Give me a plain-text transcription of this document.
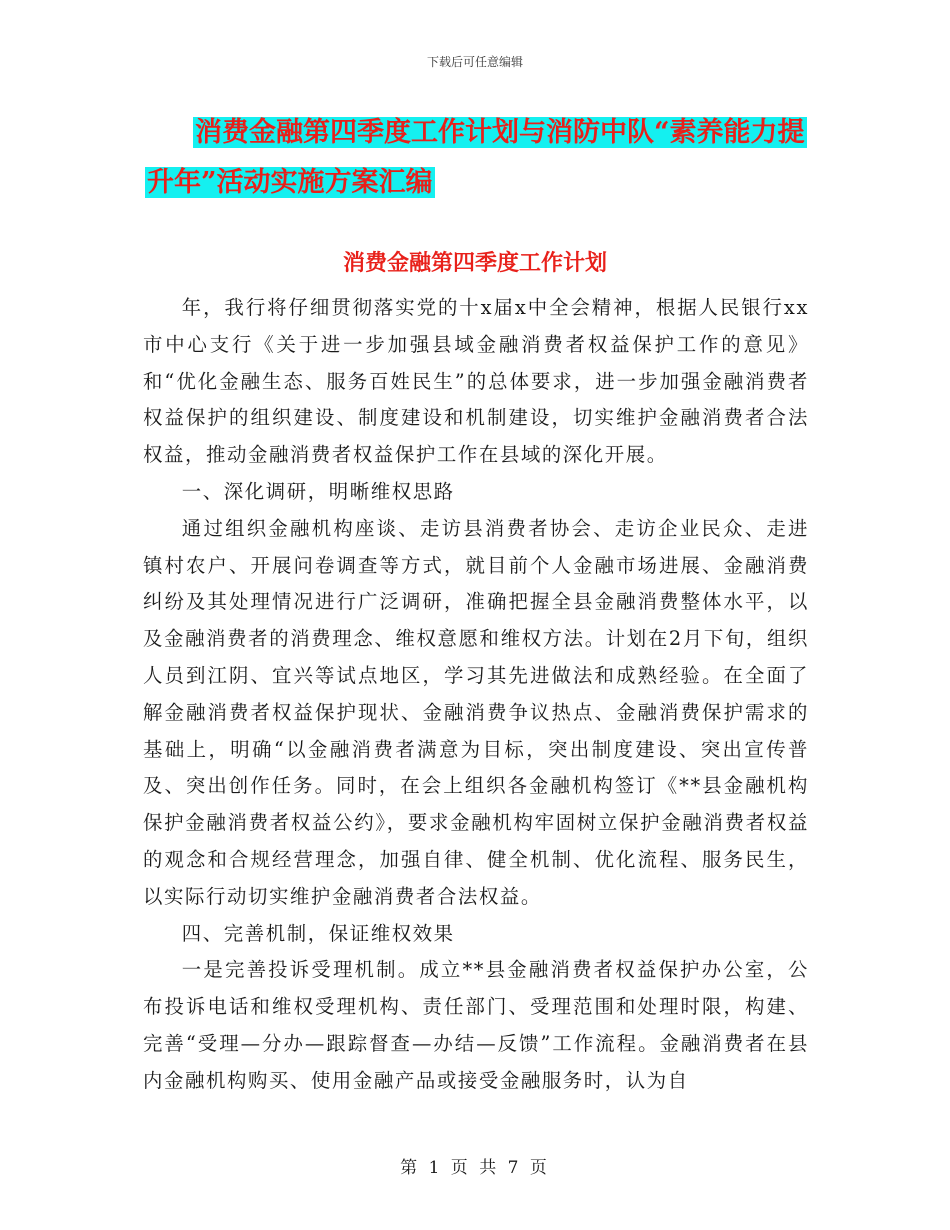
下载后可任意编辑
消费金融第四季度工作计划与消防中队“素养能力提
升年”活动实施方案汇编
消费金融第四季度工作计划

年，我行将仔细贯彻落实党的十x届x中全会精神，根据人民银行xx市中心支行《关于进一步加强县域金融消费者权益保护工作的意见》和“优化金融生态、服务百姓民生”的总体要求，进一步加强金融消费者权益保护的组织建设、制度建设和机制建设，切实维护金融消费者合法权益，推动金融消费者权益保护工作在县域的深化开展。

一、深化调研，明晰维权思路

通过组织金融机构座谈、走访县消费者协会、走访企业民众、走进镇村农户、开展问卷调查等方式，就目前个人金融市场进展、金融消费纠纷及其处理情况进行广泛调研，准确把握全县金融消费整体水平，以及金融消费者的消费理念、维权意愿和维权方法。计划在2月下旬，组织人员到江阴、宜兴等试点地区，学习其先进做法和成熟经验。在全面了解金融消费者权益保护现状、金融消费争议热点、金融消费保护需求的基础上，明确“以金融消费者满意为目标，突出制度建设、突出宣传普及、突出创作任务。同时，在会上组织各金融机构签订《**县金融机构保护金融消费者权益公约》，要求金融机构牢固树立保护金融消费者权益的观念和合规经营理念，加强自律、健全机制、优化流程、服务民生，以实际行动切实维护金融消费者合法权益。

四、完善机制，保证维权效果

一是完善投诉受理机制。成立**县金融消费者权益保护办公室，公布投诉电话和维权受理机构、责任部门、受理范围和处理时限，构建、完善“受理—分办—跟踪督查—办结—反馈”工作流程。金融消费者在县内金融机构购买、使用金融产品或接受金融服务时，认为自

第 1 页 共 7 页
